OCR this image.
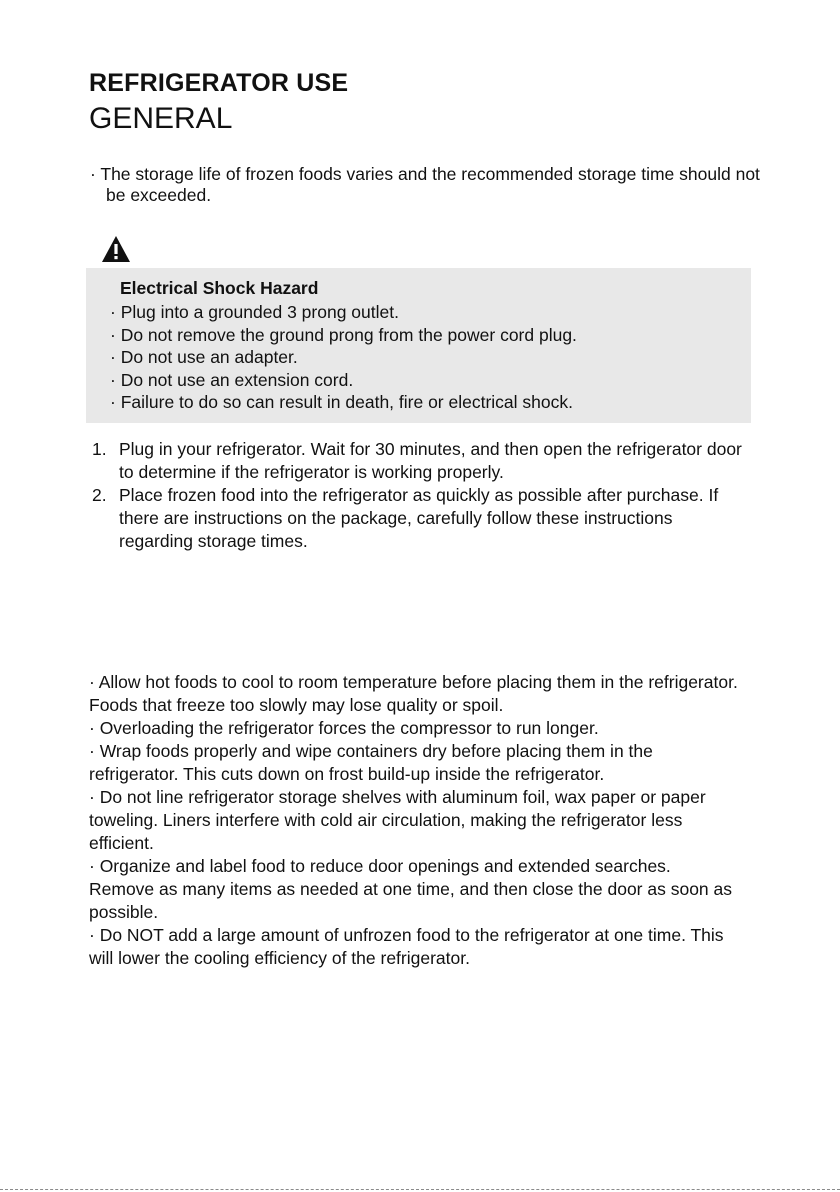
REFRIGERATOR USE
GENERAL
· The storage life of frozen foods varies and the recommended storage time should not be exceeded.
Electrical Shock Hazard
· Plug into a grounded 3 prong outlet.
· Do not remove the ground prong from the power cord plug.
· Do not use an adapter.
· Do not use an extension cord.
· Failure to do so can result in death, fire or electrical shock.
1. Plug in your refrigerator. Wait for 30 minutes, and then open the refrigerator door to determine if the refrigerator is working properly.
2. Place frozen food into the refrigerator as quickly as possible after purchase. If there are instructions on the package, carefully follow these instructions regarding storage times.

· Allow hot foods to cool to room temperature before placing them in the refrigerator. Foods that freeze too slowly may lose quality or spoil.

· Overloading the refrigerator forces the compressor to run longer.

· Wrap foods properly and wipe containers dry before placing them in the refrigerator. This cuts down on frost build-up inside the refrigerator.

· Do not line refrigerator storage shelves with aluminum foil, wax paper or paper toweling. Liners interfere with cold air circulation, making the refrigerator less efficient.

· Organize and label food to reduce door openings and extended searches. Remove as many items as needed at one time, and then close the door as soon as possible.

· Do NOT add a large amount of unfrozen food to the refrigerator at one time. This will lower the cooling efficiency of the refrigerator.
